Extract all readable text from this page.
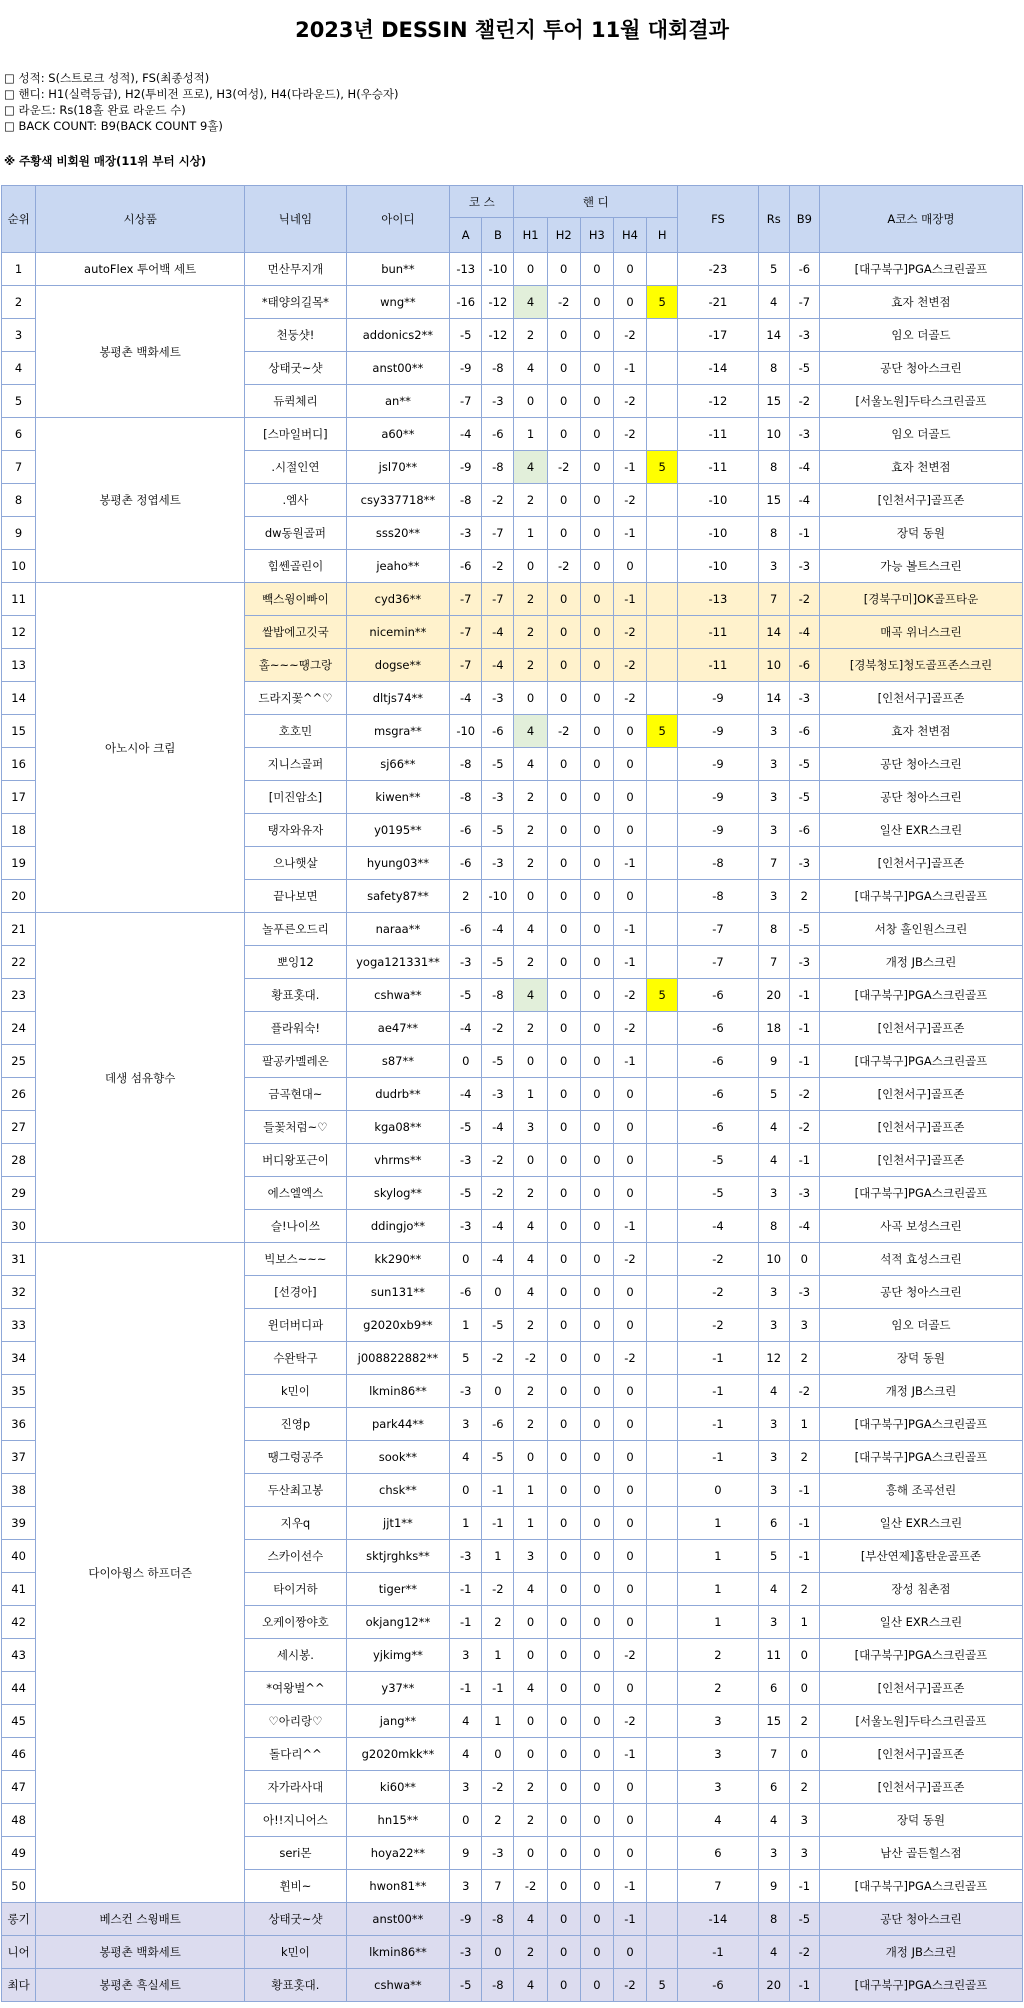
2023년 DESSIN 챌린지 투어 11월 대회결과
□ 성적: S(스트로크 성적), FS(최종성적)
□ 핸디: H1(실력등급), H2(투비전 프로), H3(여성), H4(다라운드), H(우승자)
□ 라운드: Rs(18홀 완료 라운드 수)
□ BACK COUNT: B9(BACK COUNT 9홀)
※ 주황색 비회원 매장(11위 부터 시상)
순위	시상품	닉네임	아이디	코 스		핸 디					FS	Rs	B9	A코스 매장명
				A	B	H1	H2	H3	H4	H				
1	autoFlex 투어백 세트	먼산무지개	bun**	-13	-10	0	0	0	0		-23	5	-6	[대구북구]PGA스크린골프
2	봉평촌 백화세트	*태양의길목*	wng**	-16	-12	4	-2	0	0	5	-21	4	-7	효자 천변점
3		천둥샷!	addonics2**	-5	-12	2	0	0	-2		-17	14	-3	임오 더골드
4		상태굿~샷	anst00**	-9	-8	4	0	0	-1		-14	8	-5	공단 청아스크린
5		듀퀵체리	an**	-7	-3	0	0	0	-2		-12	15	-2	[서울노원]두타스크린골프
6	봉평촌 정엽세트	[스마일버디]	a60**	-4	-6	1	0	0	-2		-11	10	-3	임오 더골드
7		.시절인연	jsl70**	-9	-8	4	-2	0	-1	5	-11	8	-4	효자 천변점
8		.엠사	csy337718**	-8	-2	2	0	0	-2		-10	15	-4	[인천서구]골프존
9		dw동원골퍼	sss20**	-3	-7	1	0	0	-1		-10	8	-1	장덕 동원
10		힘쎈골린이	jeaho**	-6	-2	0	-2	0	0		-10	3	-3	가능 볼트스크린
11	아노시아 크림	빽스윙이빠이	cyd36**	-7	-7	2	0	0	-1		-13	7	-2	[경북구미]OK골프타운
12		쌀밥에고깃국	nicemin**	-7	-4	2	0	0	-2		-11	14	-4	매곡 위너스크린
13		홀~~~땡그랑	dogse**	-7	-4	2	0	0	-2		-11	10	-6	[경북청도]청도골프존스크린
14		드라지꽃^^♡	dltjs74**	-4	-3	0	0	0	-2		-9	14	-3	[인천서구]골프존
15		호호민	msgra**	-10	-6	4	-2	0	0	5	-9	3	-6	효자 천변점
16		지니스골퍼	sj66**	-8	-5	4	0	0	0		-9	3	-5	공단 청아스크린
17		[미진암소]	kiwen**	-8	-3	2	0	0	0		-9	3	-5	공단 청아스크린
18		탱자와유자	y0195**	-6	-5	2	0	0	0		-9	3	-6	일산 EXR스크린
19		으나햇살	hyung03**	-6	-3	2	0	0	-1		-8	7	-3	[인천서구]골프존
20		끝나보면	safety87**	2	-10	0	0	0	0		-8	3	2	[대구북구]PGA스크린골프
21	데생 섬유향수	놀푸른오드리	naraa**	-6	-4	4	0	0	-1		-7	8	-5	서창 홀인원스크린
22		뽀잉12	yoga121331**	-3	-5	2	0	0	-1		-7	7	-3	개정 JB스크린
23		황표홋대.	cshwa**	-5	-8	4	0	0	-2	5	-6	20	-1	[대구북구]PGA스크린골프
24		플라워숙!	ae47**	-4	-2	2	0	0	-2		-6	18	-1	[인천서구]골프존
25		팔공카멜레온	s87**	0	-5	0	0	0	-1		-6	9	-1	[대구북구]PGA스크린골프
26		금곡현대~	dudrb**	-4	-3	1	0	0	0		-6	5	-2	[인천서구]골프존
27		들꽃처럼~♡	kga08**	-5	-4	3	0	0	0		-6	4	-2	[인천서구]골프존
28		버디왕포근이	vhrms**	-3	-2	0	0	0	0		-5	4	-1	[인천서구]골프존
29		에스엘엑스	skylog**	-5	-2	2	0	0	0		-5	3	-3	[대구북구]PGA스크린골프
30		슬!나이쓰	ddingjo**	-3	-4	4	0	0	-1		-4	8	-4	사곡 보성스크린
31	다이아윙스 하프더즌	빅보스~~~	kk290**	0	-4	4	0	0	-2		-2	10	0	석적 효성스크린
32		[선경아]	sun131**	-6	0	4	0	0	0		-2	3	-3	공단 청아스크린
33		윈더버디파	g2020xb9**	1	-5	2	0	0	0		-2	3	3	임오 더골드
34		수완탁구	j008822882**	5	-2	-2	0	0	-2		-1	12	2	장덕 동원
35		k민이	lkmin86**	-3	0	2	0	0	0		-1	4	-2	개정 JB스크린
36		진영p	park44**	3	-6	2	0	0	0		-1	3	1	[대구북구]PGA스크린골프
37		땡그렁공주	sook**	4	-5	0	0	0	0		-1	3	2	[대구북구]PGA스크린골프
38		두산최고봉	chsk**	0	-1	1	0	0	0		0	3	-1	흥해 조곡선린
39		지우q	jjt1**	1	-1	1	0	0	0		1	6	-1	일산 EXR스크린
40		스카이선수	sktjrghks**	-3	1	3	0	0	0		1	5	-1	[부산연제]홈탄운골프존
41		타이거하	tiger**	-1	-2	4	0	0	0		1	4	2	장성 침촌점
42		오케이짱야호	okjang12**	-1	2	0	0	0	0		1	3	1	일산 EXR스크린
43		세시봉.	yjkimg**	3	1	0	0	0	-2		2	11	0	[대구북구]PGA스크린골프
44		*여왕벌^^	y37**	-1	-1	4	0	0	0		2	6	0	[인천서구]골프존
45		♡아리랑♡	jang**	4	1	0	0	0	-2		3	15	2	[서울노원]두타스크린골프
46		돌다리^^	g2020mkk**	4	0	0	0	0	-1		3	7	0	[인천서구]골프존
47		자가라사대	ki60**	3	-2	2	0	0	0		3	6	2	[인천서구]골프존
48		아!!지니어스	hn15**	0	2	2	0	0	0		4	4	3	장덕 동원
49		seri몬	hoya22**	9	-3	0	0	0	0		6	3	3	남산 골든힐스점
50		휜비~	hwon81**	3	7	-2	0	0	-1		7	9	-1	[대구북구]PGA스크린골프
롱기	베스컨 스윙배트	상태굿~샷	anst00**	-9	-8	4	0	0	-1		-14	8	-5	공단 청아스크린
니어	봉평촌 백화세트	k민이	lkmin86**	-3	0	2	0	0	0		-1	4	-2	개정 JB스크린
최다	봉평촌 흑실세트	황표홋대.	cshwa**	-5	-8	4	0	0	-2	5	-6	20	-1	[대구북구]PGA스크린골프
